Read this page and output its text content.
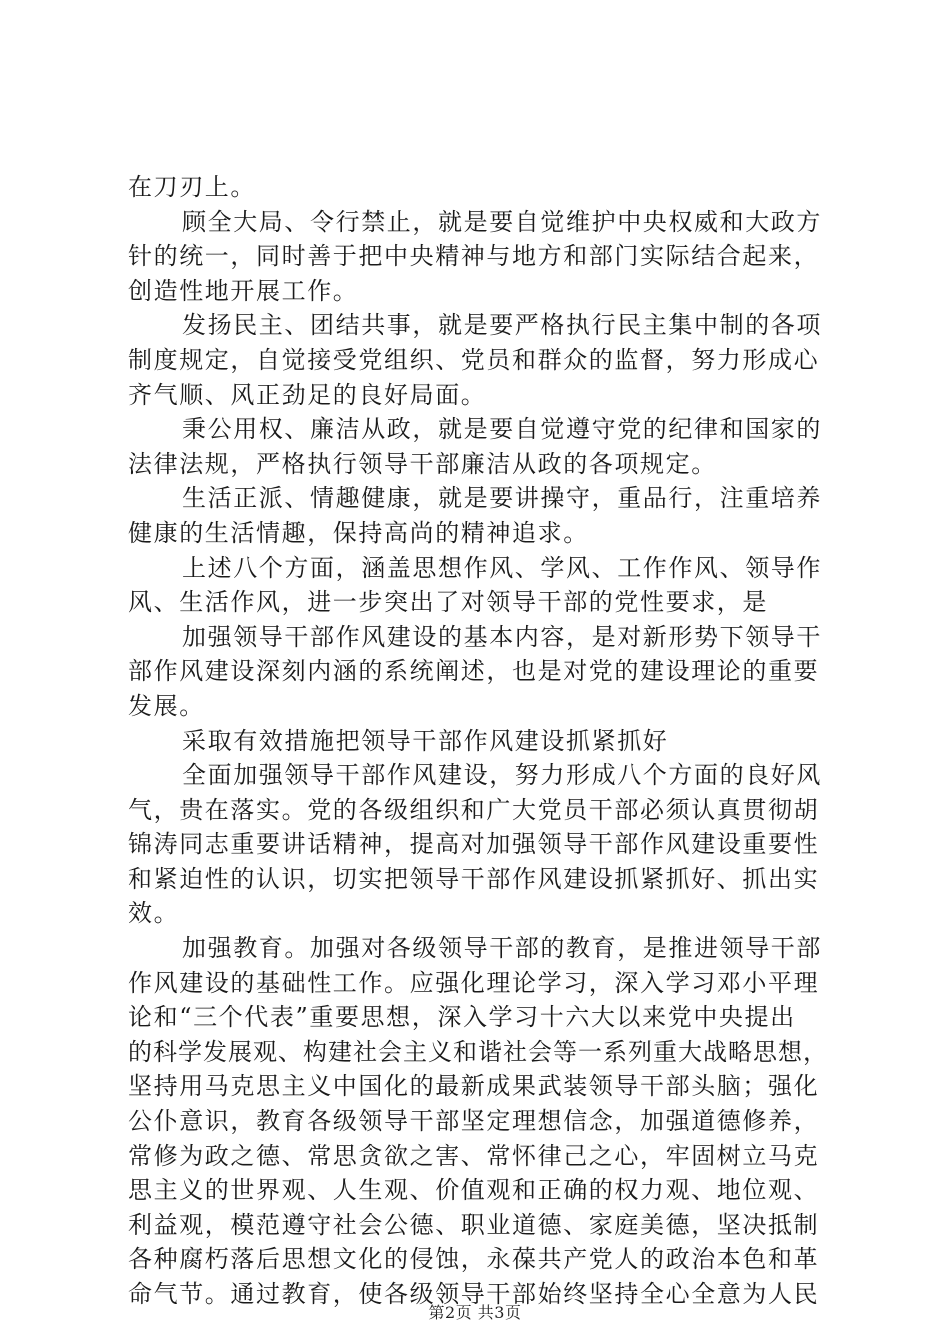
在刀刃上。
顾全大局、令行禁止，就是要自觉维护中央权威和大政方
针的统一，同时善于把中央精神与地方和部门实际结合起来，
创造性地开展工作。
发扬民主、团结共事，就是要严格执行民主集中制的各项
制度规定，自觉接受党组织、党员和群众的监督，努力形成心
齐气顺、风正劲足的良好局面。
秉公用权、廉洁从政，就是要自觉遵守党的纪律和国家的
法律法规，严格执行领导干部廉洁从政的各项规定。
生活正派、情趣健康，就是要讲操守，重品行，注重培养
健康的生活情趣，保持高尚的精神追求。
上述八个方面，涵盖思想作风、学风、工作作风、领导作
风、生活作风，进一步突出了对领导干部的党性要求，是
加强领导干部作风建设的基本内容，是对新形势下领导干
部作风建设深刻内涵的系统阐述，也是对党的建设理论的重要
发展。
采取有效措施把领导干部作风建设抓紧抓好
全面加强领导干部作风建设，努力形成八个方面的良好风
气，贵在落实。党的各级组织和广大党员干部必须认真贯彻胡
锦涛同志重要讲话精神，提高对加强领导干部作风建设重要性
和紧迫性的认识，切实把领导干部作风建设抓紧抓好、抓出实
效。
加强教育。加强对各级领导干部的教育，是推进领导干部
作风建设的基础性工作。应强化理论学习，深入学习邓小平理
论和“三个代表”重要思想，深入学习十六大以来党中央提出
的科学发展观、构建社会主义和谐社会等一系列重大战略思想，
坚持用马克思主义中国化的最新成果武装领导干部头脑；强化
公仆意识，教育各级领导干部坚定理想信念，加强道德修养，
常修为政之德、常思贪欲之害、常怀律己之心，牢固树立马克
思主义的世界观、人生观、价值观和正确的权力观、地位观、
利益观，模范遵守社会公德、职业道德、家庭美德，坚决抵制
各种腐朽落后思想文化的侵蚀，永葆共产党人的政治本色和革
命气节。通过教育，使各级领导干部始终坚持全心全意为人民
第2页 共3页
